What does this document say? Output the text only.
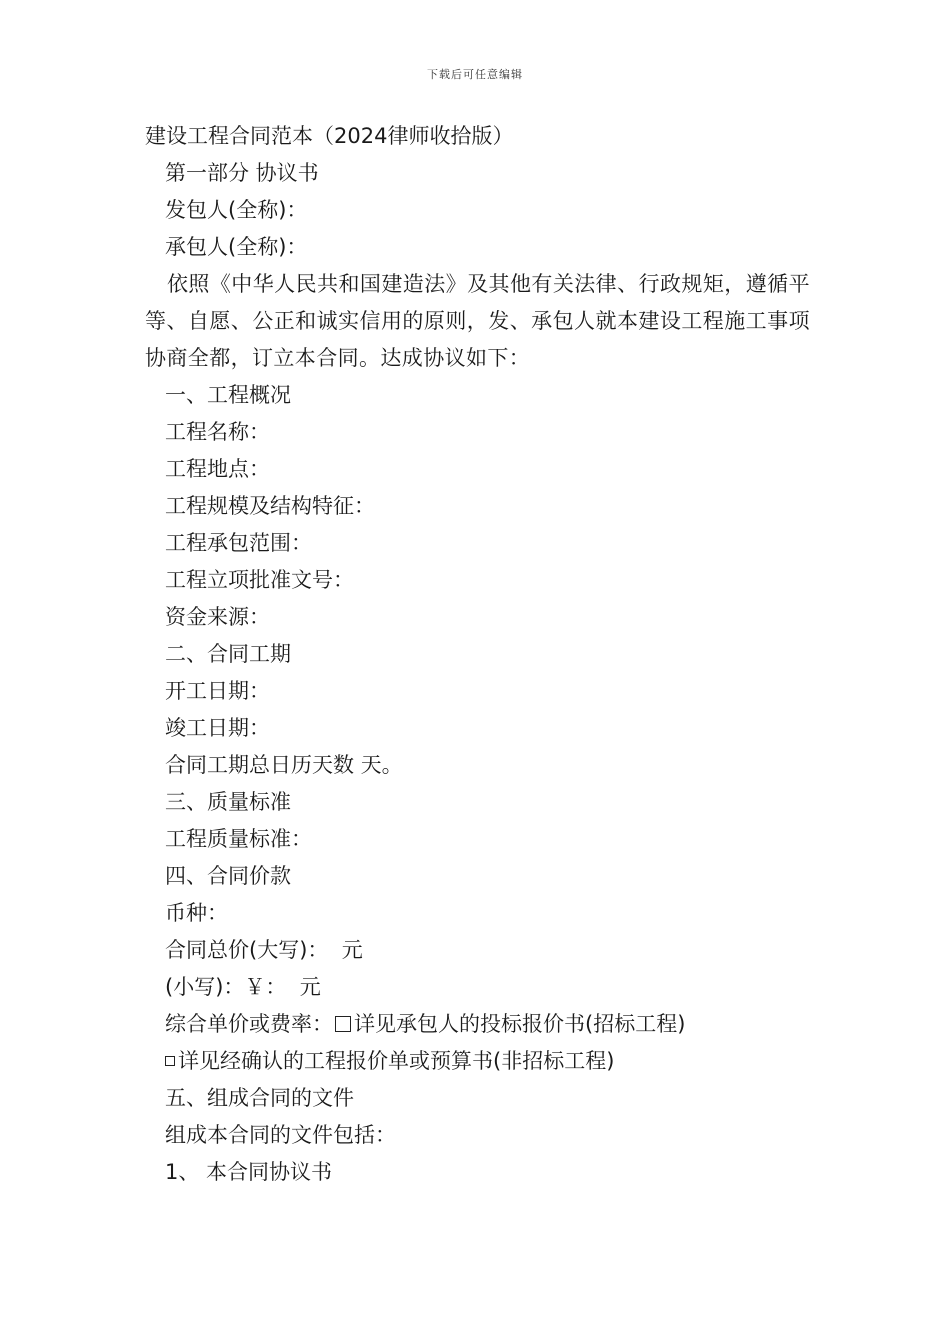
下载后可任意编辑
建设工程合同范本（2024律师收拾版）
第一部分 协议书
发包人(全称)：
承包人(全称)：
依照《中华人民共和国建造法》及其他有关法律、行政规矩，遵循平等、自愿、公正和诚实信用的原则，发、承包人就本建设工程施工事项协商全都，订立本合同。达成协议如下：
一、工程概况
工程名称：
工程地点：
工程规模及结构特征：
工程承包范围：
工程立项批准文号：
资金来源：
二、合同工期
开工日期：
竣工日期：
合同工期总日历天数 天。
三、质量标准
工程质量标准：
四、合同价款
币种：
合同总价(大写)：  元
(小写)：￥：  元
综合单价或费率： 详见承包人的投标报价书(招标工程)
详见经确认的工程报价单或预算书(非招标工程)
五、组成合同的文件
组成本合同的文件包括：
1、 本合同协议书
